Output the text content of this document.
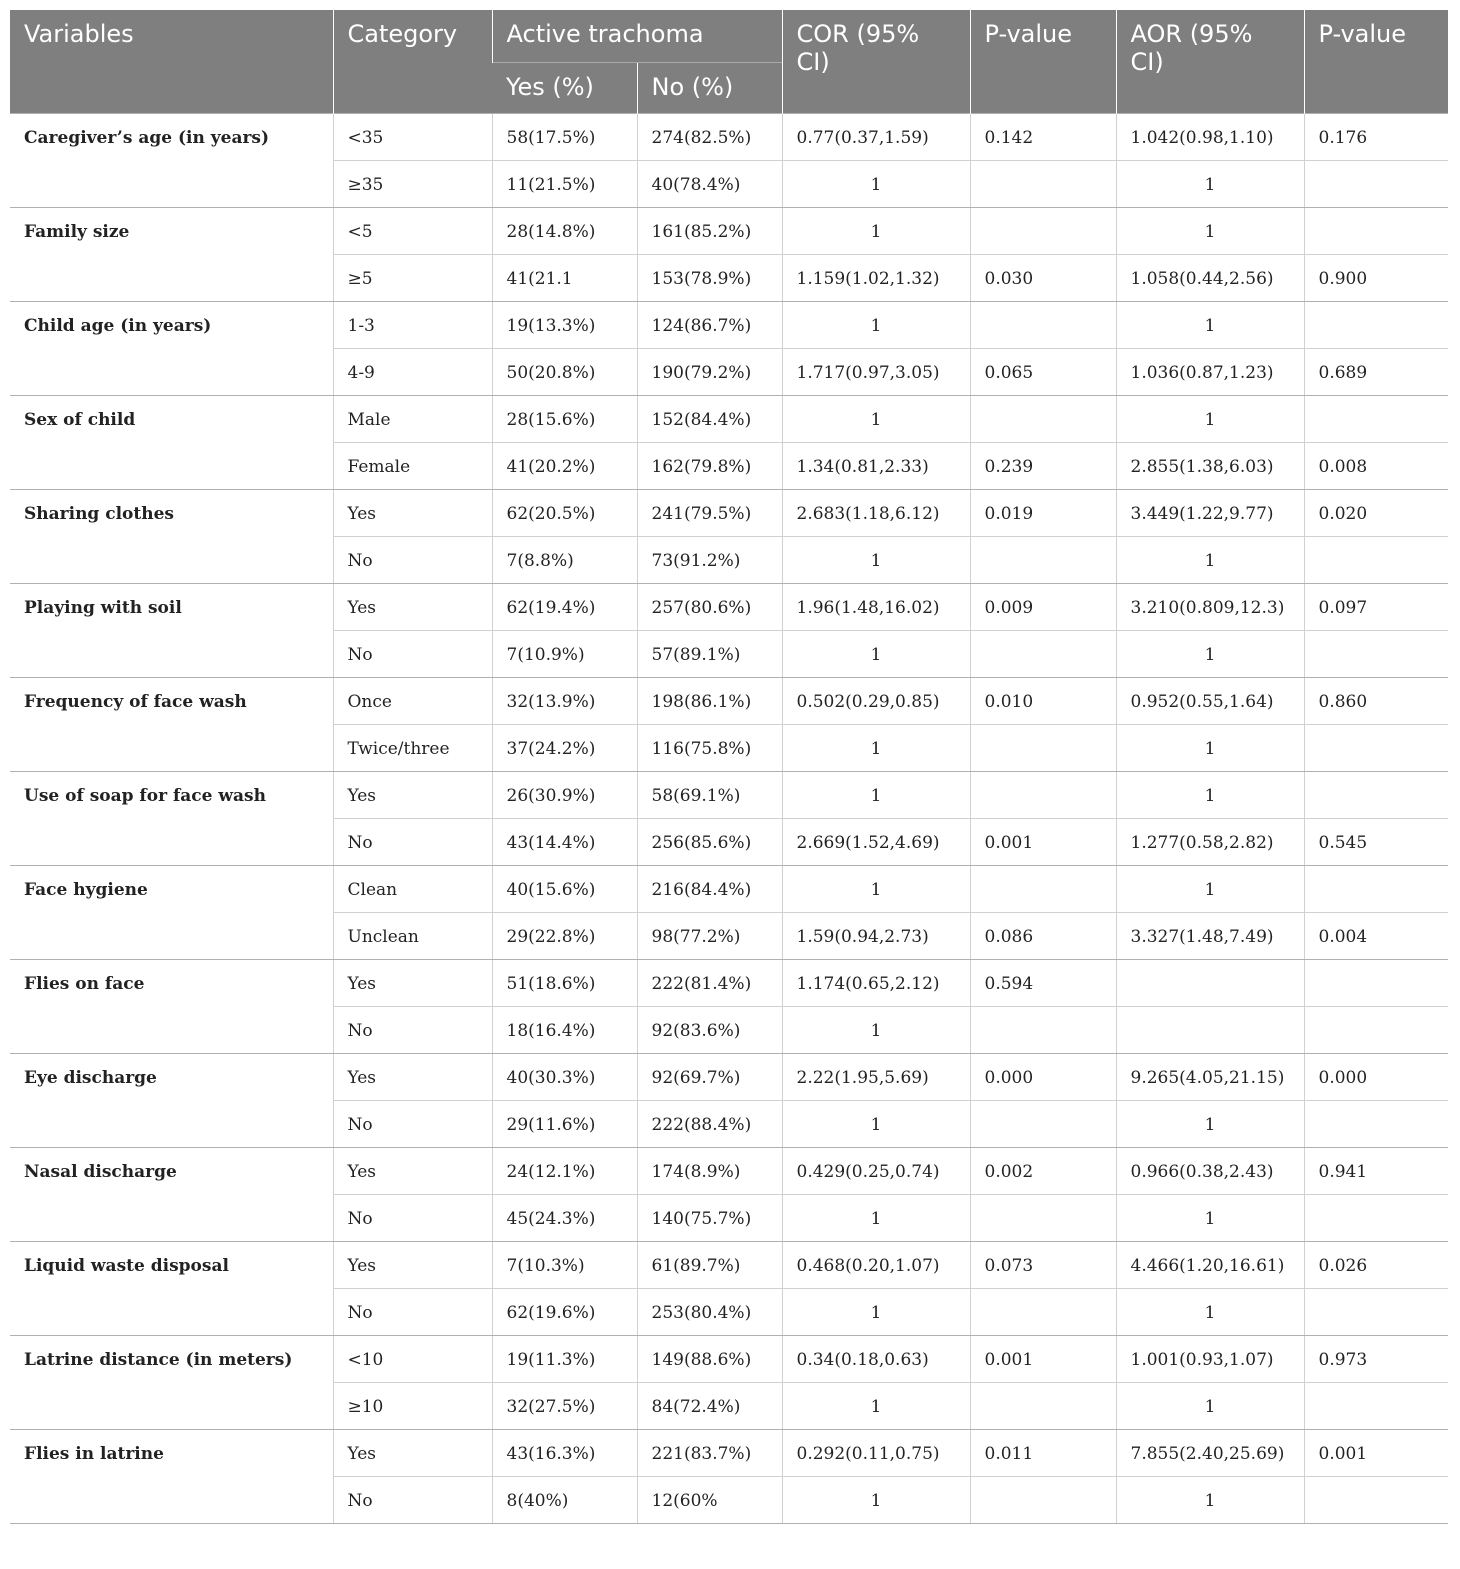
Variables	Category	Active trachoma		COR (95% CI)	P-value	AOR (95% CI)	P-value
		Yes (%)	No (%)				
Caregiver’s age (in years)	<35	58(17.5%)	274(82.5%)	0.77(0.37,1.59)	0.142	1.042(0.98,1.10)	0.176
	≥35	11(21.5%)	40(78.4%)	1		1	
Family size	<5	28(14.8%)	161(85.2%)	1		1	
	≥5	41(21.1	153(78.9%)	1.159(1.02,1.32)	0.030	1.058(0.44,2.56)	0.900
Child age (in years)	1-3	19(13.3%)	124(86.7%)	1		1	
	4-9	50(20.8%)	190(79.2%)	1.717(0.97,3.05)	0.065	1.036(0.87,1.23)	0.689
Sex of child	Male	28(15.6%)	152(84.4%)	1		1	
	Female	41(20.2%)	162(79.8%)	1.34(0.81,2.33)	0.239	2.855(1.38,6.03)	0.008
Sharing clothes	Yes	62(20.5%)	241(79.5%)	2.683(1.18,6.12)	0.019	3.449(1.22,9.77)	0.020
	No	7(8.8%)	73(91.2%)	1		1	
Playing with soil	Yes	62(19.4%)	257(80.6%)	1.96(1.48,16.02)	0.009	3.210(0.809,12.3)	0.097
	No	7(10.9%)	57(89.1%)	1		1	
Frequency of face wash	Once	32(13.9%)	198(86.1%)	0.502(0.29,0.85)	0.010	0.952(0.55,1.64)	0.860
	Twice/three	37(24.2%)	116(75.8%)	1		1	
Use of soap for face wash	Yes	26(30.9%)	58(69.1%)	1		1	
	No	43(14.4%)	256(85.6%)	2.669(1.52,4.69)	0.001	1.277(0.58,2.82)	0.545
Face hygiene	Clean	40(15.6%)	216(84.4%)	1		1	
	Unclean	29(22.8%)	98(77.2%)	1.59(0.94,2.73)	0.086	3.327(1.48,7.49)	0.004
Flies on face	Yes	51(18.6%)	222(81.4%)	1.174(0.65,2.12)	0.594		
	No	18(16.4%)	92(83.6%)	1			
Eye discharge	Yes	40(30.3%)	92(69.7%)	2.22(1.95,5.69)	0.000	9.265(4.05,21.15)	0.000
	No	29(11.6%)	222(88.4%)	1		1	
Nasal discharge	Yes	24(12.1%)	174(8.9%)	0.429(0.25,0.74)	0.002	0.966(0.38,2.43)	0.941
	No	45(24.3%)	140(75.7%)	1		1	
Liquid waste disposal	Yes	7(10.3%)	61(89.7%)	0.468(0.20,1.07)	0.073	4.466(1.20,16.61)	0.026
	No	62(19.6%)	253(80.4%)	1		1	
Latrine distance (in meters)	<10	19(11.3%)	149(88.6%)	0.34(0.18,0.63)	0.001	1.001(0.93,1.07)	0.973
	≥10	32(27.5%)	84(72.4%)	1		1	
Flies in latrine	Yes	43(16.3%)	221(83.7%)	0.292(0.11,0.75)	0.011	7.855(2.40,25.69)	0.001
	No	8(40%)	12(60%	1		1	
